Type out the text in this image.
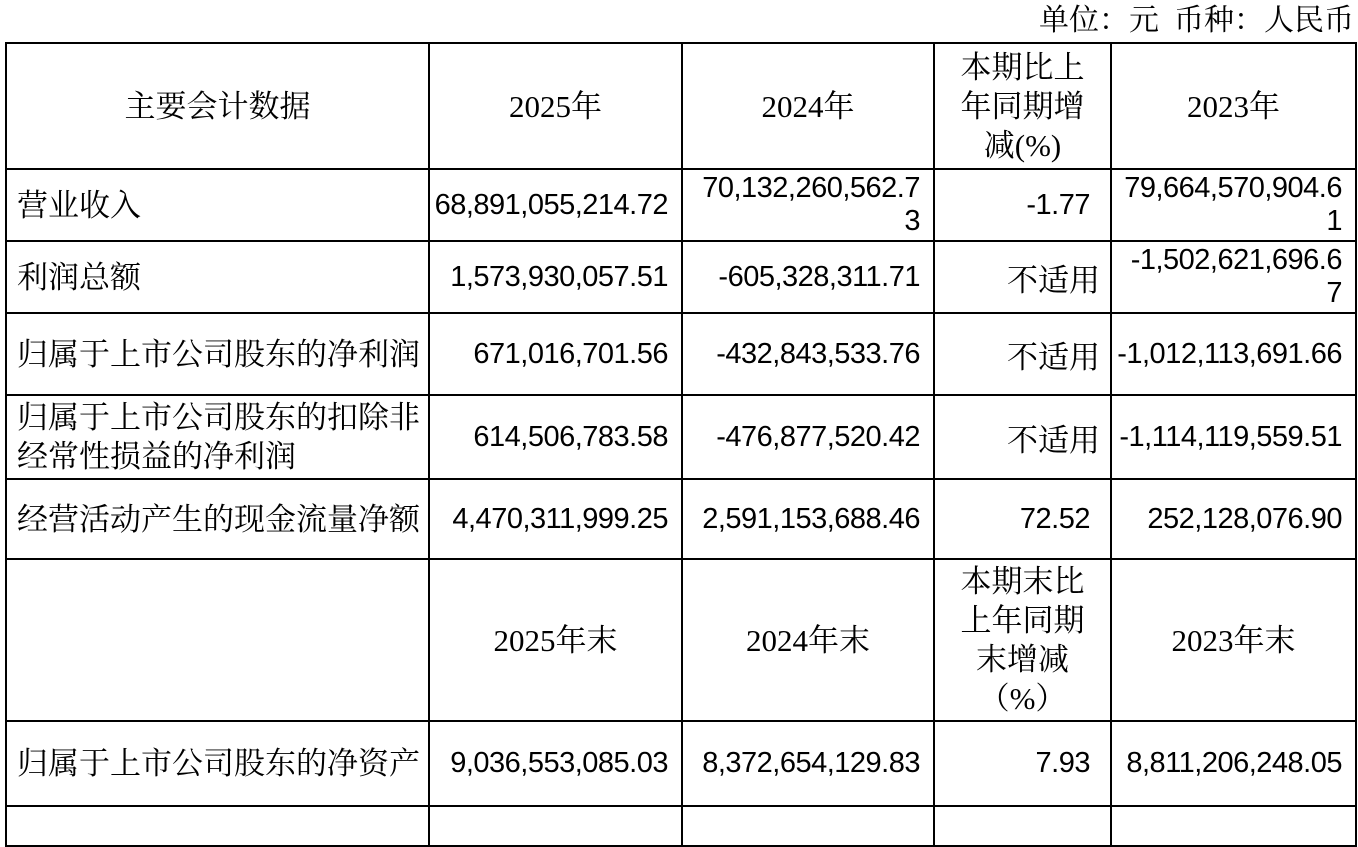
单位：元  币种：人民币
主要会计数据	2025年	2024年	本期比上年同期增减(%)	2023年
营业收入	68,891,055,214.72	70,132,260,562.73	-1.77	79,664,570,904.61
利润总额	1,573,930,057.51	-605,328,311.71	不适用	-1,502,621,696.67
归属于上市公司股东的净利润	671,016,701.56	-432,843,533.76	不适用	-1,012,113,691.66
归属于上市公司股东的扣除非经常性损益的净利润	614,506,783.58	-476,877,520.42	不适用	-1,114,119,559.51
经营活动产生的现金流量净额	4,470,311,999.25	2,591,153,688.46	72.52	252,128,076.90
	2025年末	2024年末	本期末比上年同期末增减（%）	2023年末
归属于上市公司股东的净资产	9,036,553,085.03	8,372,654,129.83	7.93	8,811,206,248.05
